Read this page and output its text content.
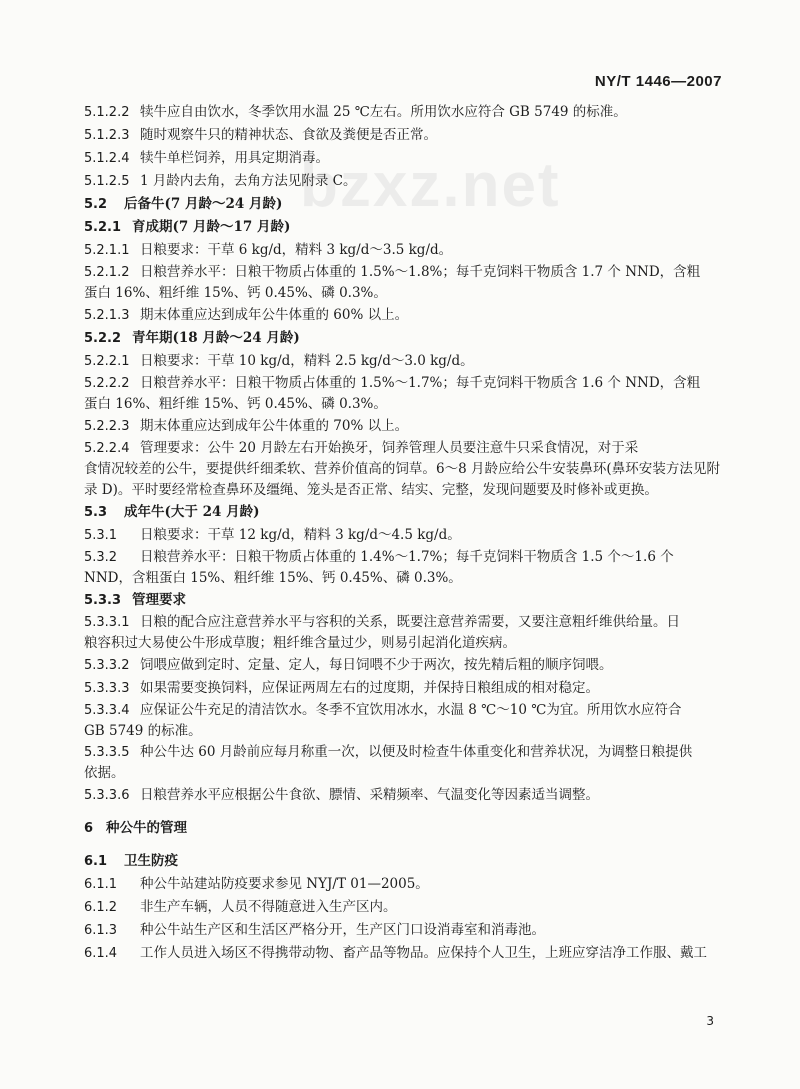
NY/T 1446—2007
bzxz.net
5.1.2.2 犊牛应自由饮水，冬季饮用水温 25 ℃左右。所用饮水应符合 GB 5749 的标准。
5.1.2.3 随时观察牛只的精神状态、食欲及粪便是否正常。
5.1.2.4 犊牛单栏饲养，用具定期消毒。
5.1.2.5 1 月龄内去角，去角方法见附录 C。
5.2 后备牛(7 月龄～24 月龄)
5.2.1 育成期(7 月龄～17 月龄)
5.2.1.1 日粮要求：干草 6 kg/d，精料 3 kg/d～3.5 kg/d。
5.2.1.2 日粮营养水平：日粮干物质占体重的 1.5%～1.8%；每千克饲料干物质含 1.7 个 NND，含粗
蛋白 16%、粗纤维 15%、钙 0.45%、磷 0.3%。
5.2.1.3 期末体重应达到成年公牛体重的 60% 以上。
5.2.2 青年期(18 月龄～24 月龄)
5.2.2.1 日粮要求：干草 10 kg/d，精料 2.5 kg/d～3.0 kg/d。
5.2.2.2 日粮营养水平：日粮干物质占体重的 1.5%～1.7%；每千克饲料干物质含 1.6 个 NND，含粗
蛋白 16%、粗纤维 15%、钙 0.45%、磷 0.3%。
5.2.2.3 期末体重应达到成年公牛体重的 70% 以上。
5.2.2.4 管理要求：公牛 20 月龄左右开始换牙，饲养管理人员要注意牛只采食情况，对于采
食情况较差的公牛，要提供纤细柔软、营养价值高的饲草。6～8 月龄应给公牛安装鼻环(鼻环安装方法见附录 D)。平时要经常检查鼻环及缰绳、笼头是否正常、结实、完整，发现问题要及时修补或更换。
5.3 成年牛(大于 24 月龄)
5.3.1 日粮要求：干草 12 kg/d，精料 3 kg/d～4.5 kg/d。
5.3.2 日粮营养水平：日粮干物质占体重的 1.4%～1.7%；每千克饲料干物质含 1.5 个～1.6 个
NND，含粗蛋白 15%、粗纤维 15%、钙 0.45%、磷 0.3%。
5.3.3 管理要求
5.3.3.1 日粮的配合应注意营养水平与容积的关系，既要注意营养需要，又要注意粗纤维供给量。日
粮容积过大易使公牛形成草腹；粗纤维含量过少，则易引起消化道疾病。
5.3.3.2 饲喂应做到定时、定量、定人，每日饲喂不少于两次，按先精后粗的顺序饲喂。
5.3.3.3 如果需要变换饲料，应保证两周左右的过度期，并保持日粮组成的相对稳定。
5.3.3.4 应保证公牛充足的清洁饮水。冬季不宜饮用冰水，水温 8 ℃～10 ℃为宜。所用饮水应符合
GB 5749 的标准。
5.3.3.5 种公牛达 60 月龄前应每月称重一次，以便及时检查牛体重变化和营养状况，为调整日粮提供
依据。
5.3.3.6 日粮营养水平应根据公牛食欲、膘情、采精频率、气温变化等因素适当调整。
6 种公牛的管理
6.1 卫生防疫
6.1.1 种公牛站建站防疫要求参见 NYJ/T 01—2005。
6.1.2 非生产车辆，人员不得随意进入生产区内。
6.1.3 种公牛站生产区和生活区严格分开，生产区门口设消毒室和消毒池。
6.1.4 工作人员进入场区不得携带动物、畜产品等物品。应保持个人卫生，上班应穿洁净工作服、戴工
3
